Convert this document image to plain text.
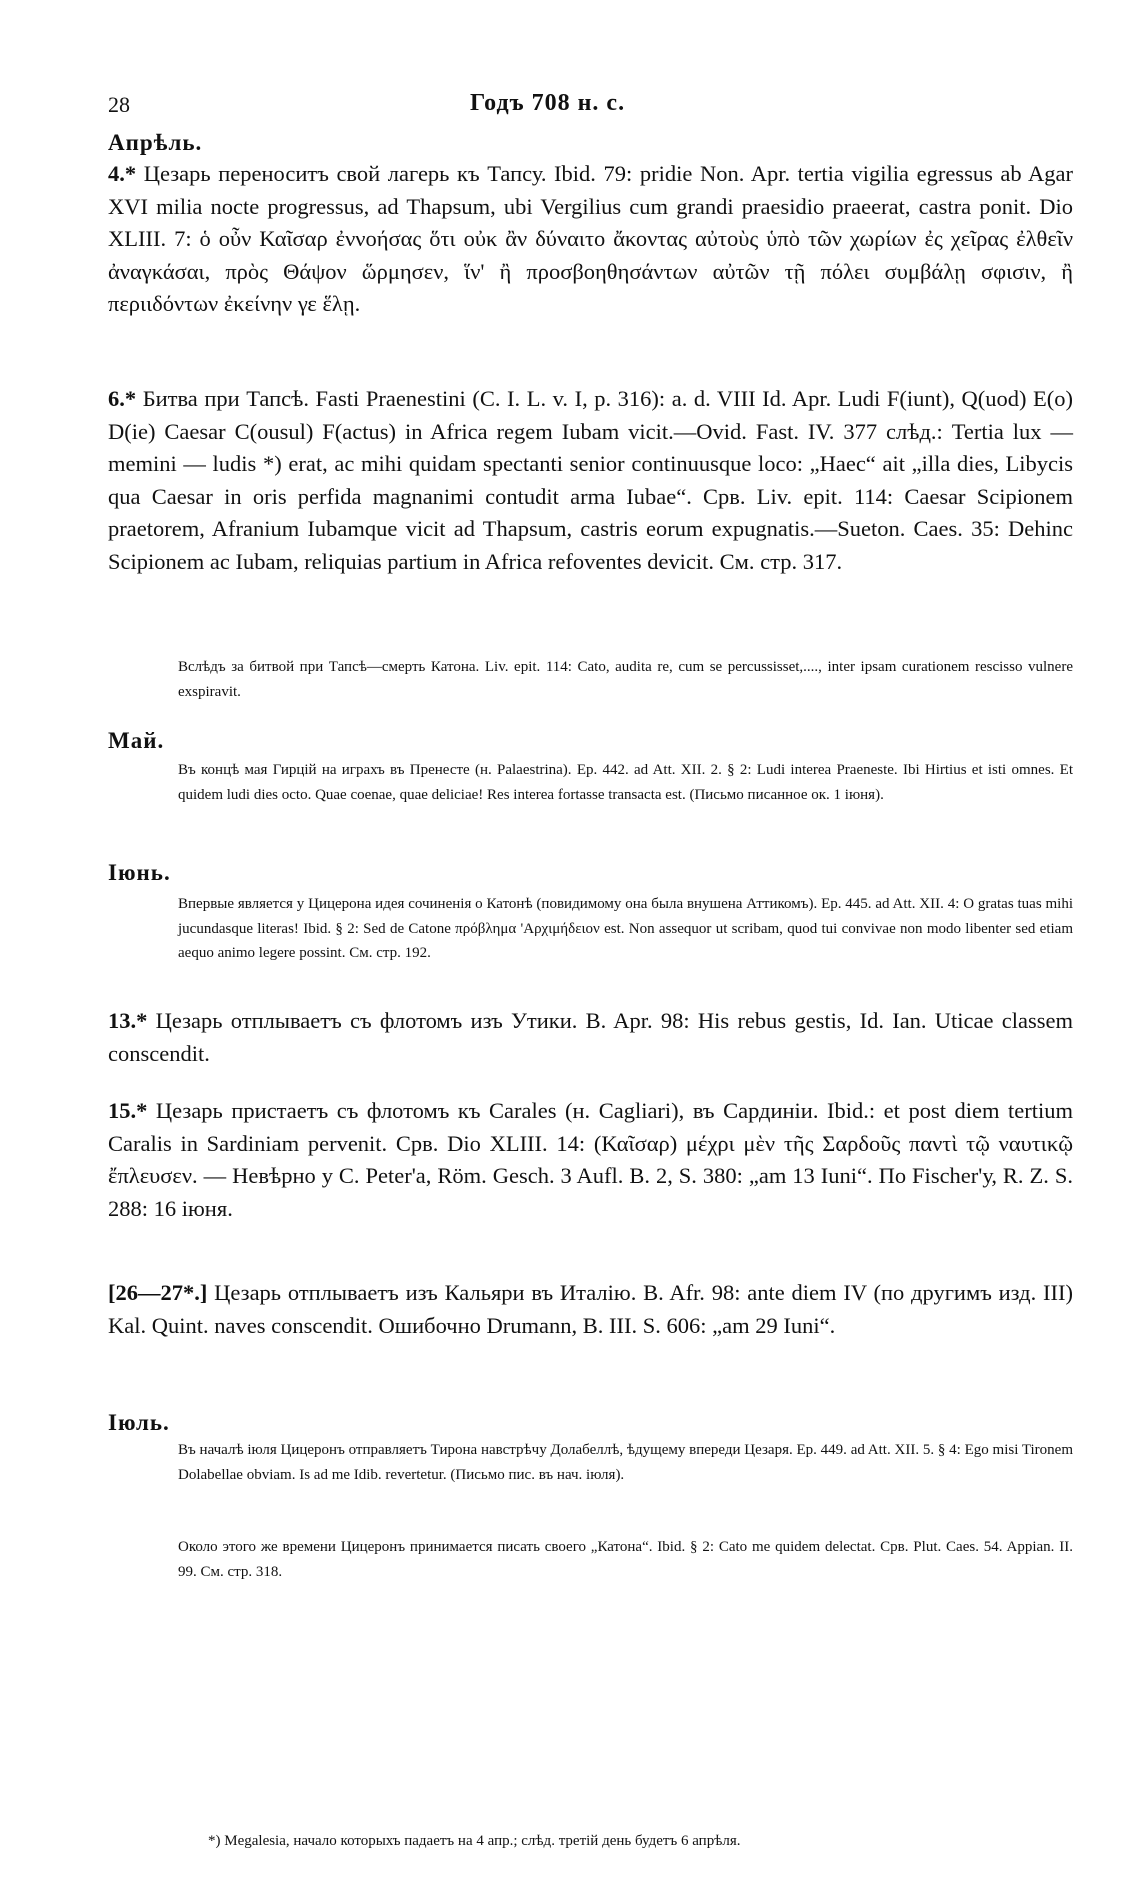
28	Годъ 708 н. с.
Апрѣль.
4.* Цезарь переноситъ свой лагерь къ Тапсу. Ibid. 79: pridie Non. Apr. tertia vigilia egressus ab Agar XVI milia nocte progressus, ad Thapsum, ubi Vergilius cum grandi praesidio praeerat, castra ponit. Dio XLIII. 7: ὁ οὖν Καῖσαρ ἐννοήσας ὅτι οὐκ ἂν δύναιτο ἄκοντας αὐτοὺς ὑπὸ τῶν χωρίων ἐς χεῖρας ἐλθεῖν ἀναγκάσαι, πρὸς Θάψον ὥρμησεν, ἵν' ἢ προσβοηθησάντων αὐτῶν τῇ πόλει συμβάλῃ σφισιν, ἢ περιιδόντων ἐκείνην γε ἕλῃ.
6.* Битва при Тапсѣ. Fasti Praenestini (C. I. L. v. I, p. 316): a. d. VIII Id. Apr. Ludi F(iunt), Q(uod) E(o) D(ie) Caesar C(ousul) F(actus) in Africa regem Iubam vicit.—Ovid. Fast. IV. 377 слѣд.: Tertia lux — memini — ludis *) erat, ac mihi quidam spectanti senior continuusque loco: „Haec“ ait „illa dies, Libycis qua Caesar in oris perfida magnanimi contudit arma Iubae“. Срв. Liv. epit. 114: Caesar Scipionem praetorem, Afranium Iubamque vicit ad Thapsum, castris eorum expugnatis.—Sueton. Caes. 35: Dehinc Scipionem ac Iubam, reliquias partium in Africa refoventes devicit. См. стр. 317.
Вслѣдъ за битвой при Тапсѣ—смерть Катона. Liv. epit. 114: Cato, audita re, cum se percussisset,...., inter ipsam curationem rescisso vulnere exspiravit.
Май.
Въ концѣ мая Гирцій на играхъ въ Пренесте (н. Palaestrina). Ep. 442. ad Att. XII. 2. § 2: Ludi interea Praeneste. Ibi Hirtius et isti omnes. Et quidem ludi dies octo. Quae coenae, quae deliciae! Res interea fortasse transacta est. (Письмо писанное ок. 1 іюня).
Іюнь.
Впервые является у Цицерона идея сочиненія о Катонѣ (повидимому она была внушена Аттикомъ). Ep. 445. ad Att. XII. 4: O gratas tuas mihi jucundasque literas! Ibid. § 2: Sed de Catone πρόβλημα 'Αρχιμήδειον est. Non assequor ut scribam, quod tui convivae non modo libenter sed etiam aequo animo legere possint. См. стр. 192.
13.* Цезарь отплываетъ съ флотомъ изъ Утики. B. Apr. 98: His rebus gestis, Id. Ian. Uticae classem conscendit.
15.* Цезарь пристаетъ съ флотомъ къ Carales (н. Cagliari), въ Сардиніи. Ibid.: et post diem tertium Caralis in Sardiniam pervenit. Срв. Dio XLIII. 14: (Καῖσαρ) μέχρι μὲν τῆς Σαρδοῦς παντὶ τῷ ναυτικῷ ἔπλευσεν. — Невѣрно у C. Peter'а, Röm. Gesch. 3 Aufl. B. 2, S. 380: „am 13 Iuni“. По Fischer'у, R. Z. S. 288: 16 іюня.
[26—27*.] Цезарь отплываетъ изъ Кальяри въ Италію. B. Afr. 98: ante diem IV (по другимъ изд. III) Kal. Quint. naves conscendit. Ошибочно Drumann, B. III. S. 606: „am 29 Iuni“.
Іюль.
Въ началѣ іюля Цицеронъ отправляетъ Тирона навстрѣчу Долабеллѣ, ѣдущему впереди Цезаря. Ep. 449. ad Att. XII. 5. § 4: Ego misi Tironem Dolabellae obviam. Is ad me Idib. revertetur. (Письмо пис. въ нач. іюля).
Около этого же времени Цицеронъ принимается писать своего „Катона“. Ibid. § 2: Cato me quidem delectat. Срв. Plut. Caes. 54. Appian. II. 99. См. стр. 318.
*) Megalesia, начало которыхъ падаетъ на 4 апр.; слѣд. третій день будетъ 6 апрѣля.
